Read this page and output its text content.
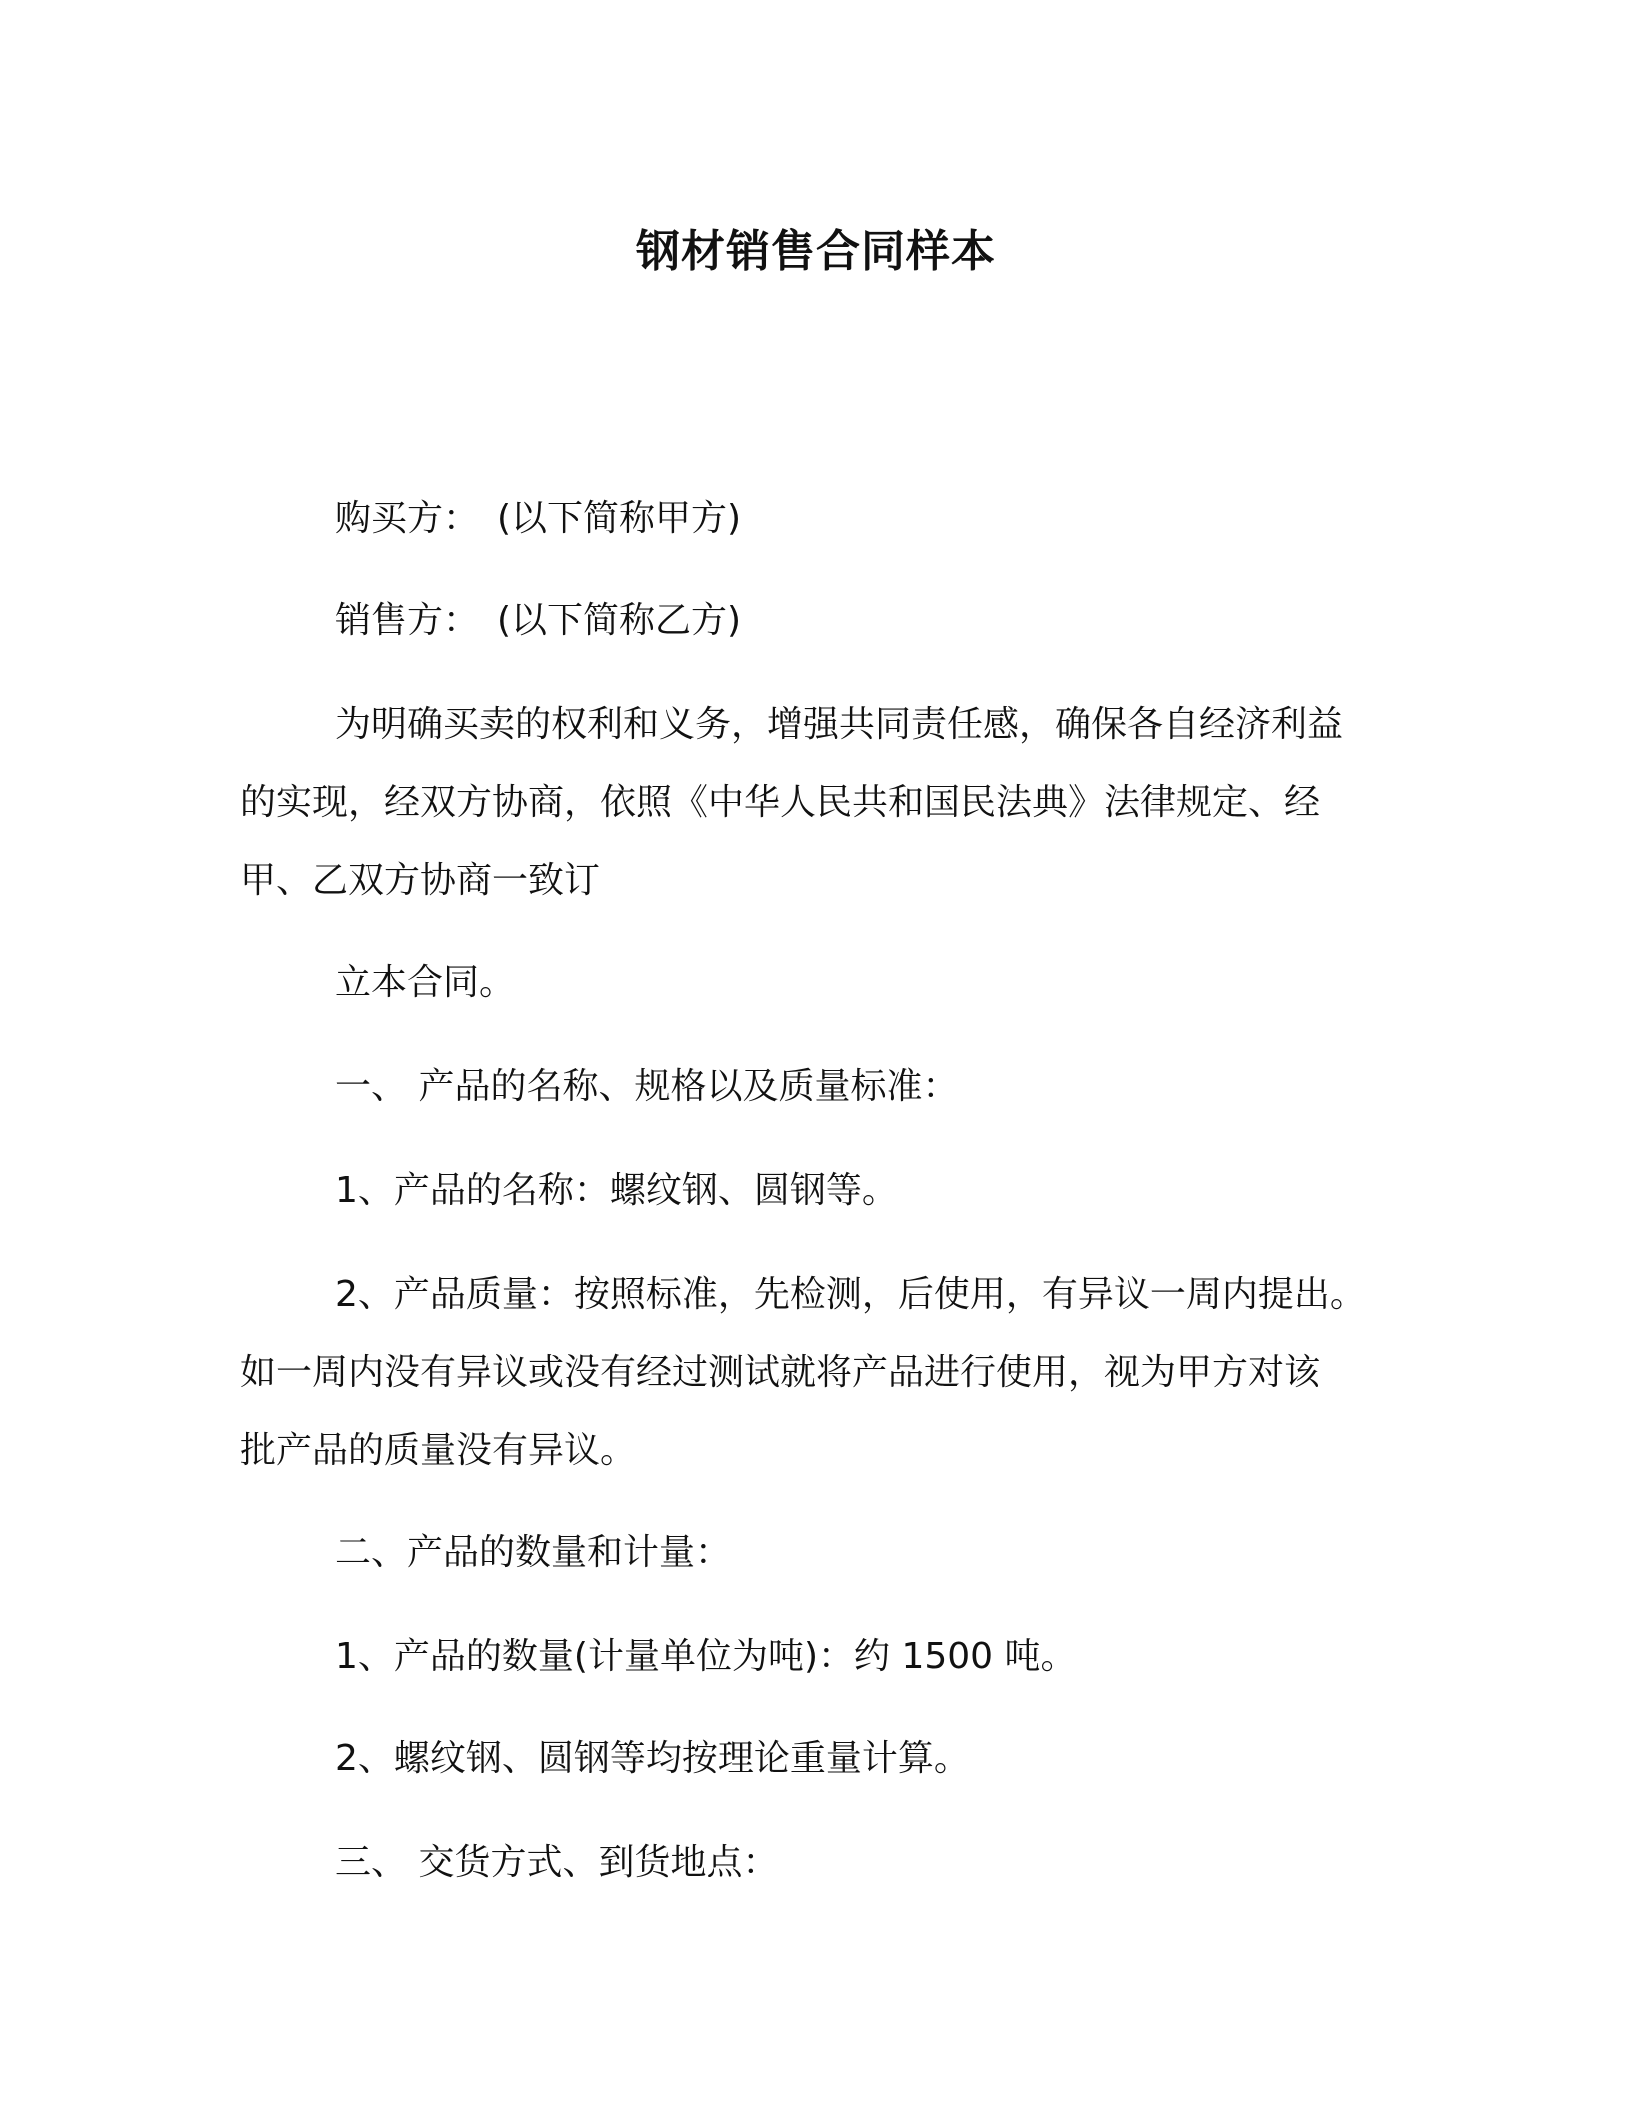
钢材销售合同样本
购买方： (以下简称甲方)
销售方： (以下简称乙方)
为明确买卖的权利和义务，增强共同责任感，确保各自经济利益
的实现，经双方协商，依照《中华人民共和国民法典》法律规定、经
甲、乙双方协商一致订
立本合同。
一、 产品的名称、规格以及质量标准：
1、产品的名称：螺纹钢、圆钢等。
2、产品质量：按照标准，先检测，后使用，有异议一周内提出。
如一周内没有异议或没有经过测试就将产品进行使用，视为甲方对该
批产品的质量没有异议。
二、产品的数量和计量：
1、产品的数量(计量单位为吨)：约 1500 吨。
2、螺纹钢、圆钢等均按理论重量计算。
三、 交货方式、到货地点：
